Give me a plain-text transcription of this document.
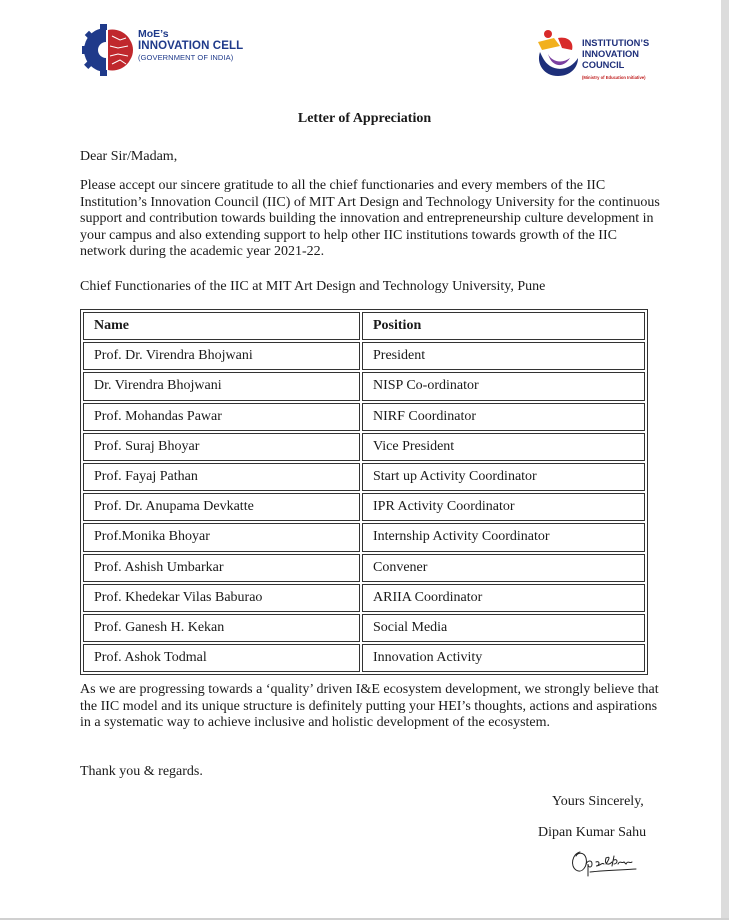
MoE’s
INNOVATION CELL
(GOVERNMENT OF INDIA)
INSTITUTION’S
INNOVATION
COUNCIL
(Ministry of Education Initiative)
Letter of Appreciation

Dear Sir/Madam,

Please accept our sincere gratitude to all the chief functionaries and every members of the IIC Institution’s Innovation Council (IIC) of MIT Art Design and Technology University for the continuous support and contribution towards building the innovation and entrepreneurship culture development in your campus and also extending support to help other IIC institutions towards growth of the IIC network during the academic year 2021-22.

Chief Functionaries of the IIC at MIT Art Design and Technology University, Pune

Name	Position
Prof. Dr. Virendra Bhojwani	President
Dr. Virendra Bhojwani	NISP Co-ordinator
Prof. Mohandas Pawar	NIRF Coordinator
Prof. Suraj Bhoyar	Vice President
Prof. Fayaj Pathan	Start up Activity Coordinator
Prof. Dr. Anupama Devkatte	IPR Activity Coordinator
Prof.Monika Bhoyar	Internship Activity Coordinator
Prof. Ashish Umbarkar	Convener
Prof. Khedekar Vilas Baburao	ARIIA Coordinator
Prof. Ganesh H. Kekan	Social Media
Prof. Ashok Todmal	Innovation Activity

As we are progressing towards a ‘quality’ driven I&E ecosystem development, we strongly believe that the IIC model and its unique structure is definitely putting your HEI’s thoughts, actions and aspirations in a systematic way to achieve inclusive and holistic development of the ecosystem.

Thank you & regards.

Yours Sincerely,
Dipan Kumar Sahu
